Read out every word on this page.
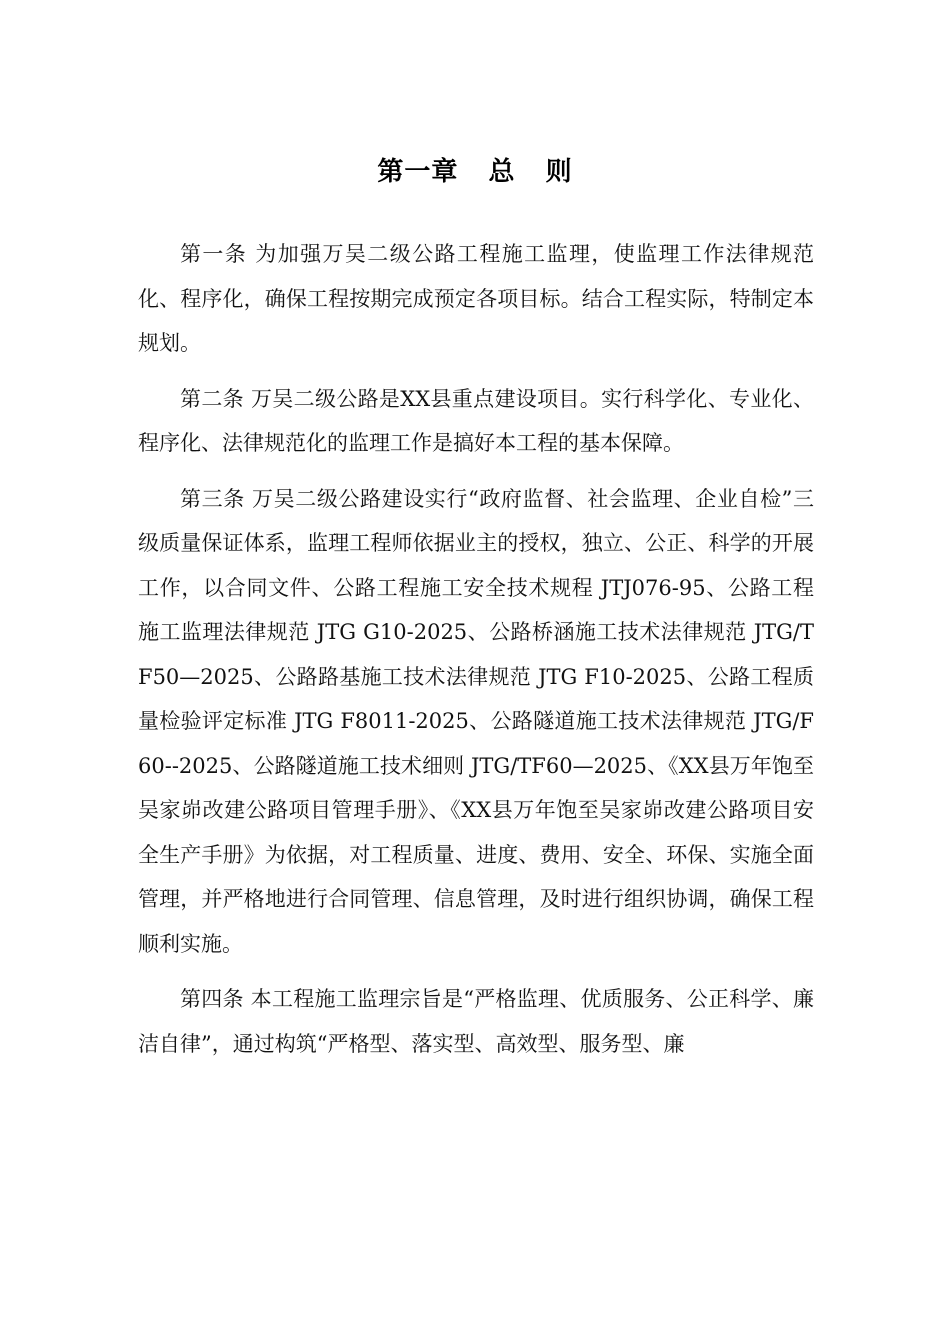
第一章   总   则

第一条 为加强万吴二级公路工程施工监理，使监理工作法律规范化、程序化，确保工程按期完成预定各项目标。结合工程实际，特制定本规划。

第二条 万吴二级公路是XX县重点建设项目。实行科学化、专业化、程序化、法律规范化的监理工作是搞好本工程的基本保障。

第三条 万吴二级公路建设实行“政府监督、社会监理、企业自检”三级质量保证体系，监理工程师依据业主的授权，独立、公正、科学的开展工作，以合同文件、公路工程施工安全技术规程 JTJ076-95、公路工程施工监理法律规范 JTG G10-2025、公路桥涵施工技术法律规范 JTG/TF50—2025、公路路基施工技术法律规范 JTG F10-2025、公路工程质量检验评定标准 JTG F8011-2025、公路隧道施工技术法律规范 JTG/F60--2025、公路隧道施工技术细则 JTG/TF60—2025、《XX县万年饱至吴家峁改建公路项目管理手册》、《XX县万年饱至吴家峁改建公路项目安全生产手册》为依据，对工程质量、进度、费用、安全、环保、实施全面管理，并严格地进行合同管理、信息管理，及时进行组织协调，确保工程顺利实施。

第四条 本工程施工监理宗旨是“严格监理、优质服务、公正科学、廉洁自律”，通过构筑“严格型、落实型、高效型、服务型、廉
